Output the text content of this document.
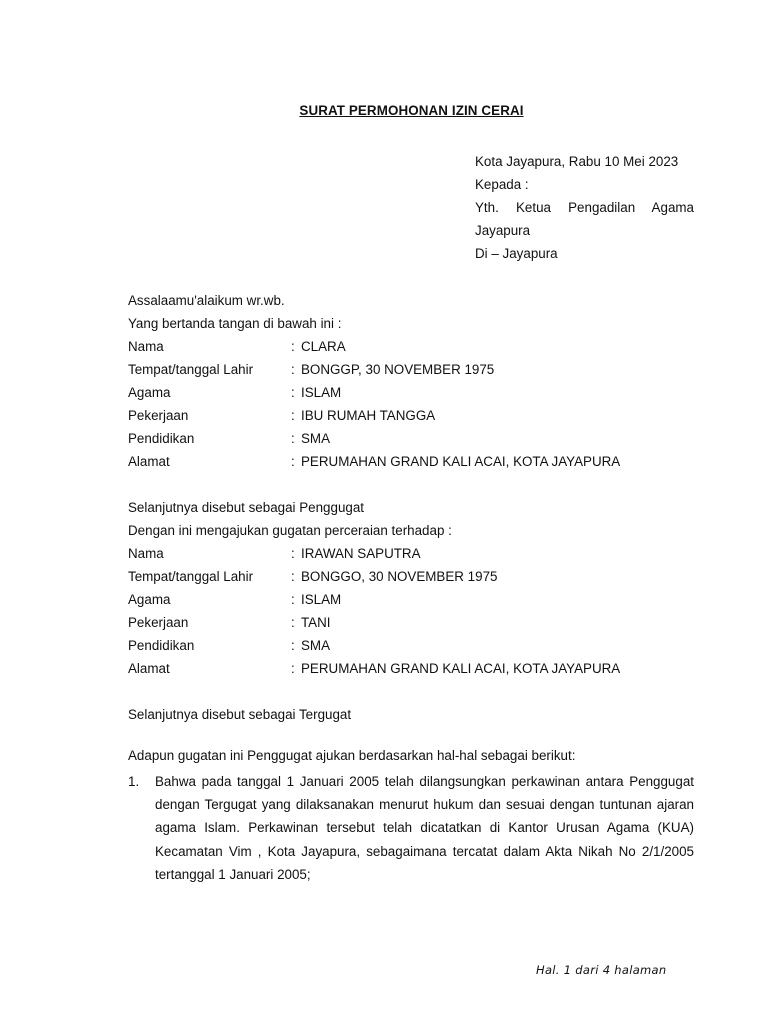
SURAT PERMOHONAN IZIN CERAI
Kota Jayapura, Rabu 10 Mei 2023
Kepada :
Yth. Ketua Pengadilan Agama
Jayapura
Di – Jayapura
Assalaamu'alaikum wr.wb.
Yang bertanda tangan di bawah ini :
Nama	: CLARA
Tempat/tanggal Lahir	: BONGGP, 30 NOVEMBER 1975
Agama	: ISLAM
Pekerjaan	: IBU RUMAH TANGGA
Pendidikan	: SMA
Alamat	: PERUMAHAN GRAND KALI ACAI, KOTA JAYAPURA
Selanjutnya disebut sebagai Penggugat
Dengan ini mengajukan gugatan perceraian terhadap :
Nama	: IRAWAN SAPUTRA
Tempat/tanggal Lahir	: BONGGO, 30 NOVEMBER 1975
Agama	: ISLAM
Pekerjaan	: TANI
Pendidikan	: SMA
Alamat	: PERUMAHAN GRAND KALI ACAI, KOTA JAYAPURA
Selanjutnya disebut sebagai Tergugat
Adapun gugatan ini Penggugat ajukan berdasarkan hal-hal sebagai berikut:
1. Bahwa pada tanggal 1 Januari 2005 telah dilangsungkan perkawinan antara Penggugat dengan Tergugat yang dilaksanakan menurut hukum dan sesuai dengan tuntunan ajaran agama Islam. Perkawinan tersebut telah dicatatkan di Kantor Urusan Agama (KUA) Kecamatan Vim , Kota Jayapura, sebagaimana tercatat dalam Akta Nikah No 2/1/2005 tertanggal 1 Januari 2005;
Hal. 1 dari 4 halaman
